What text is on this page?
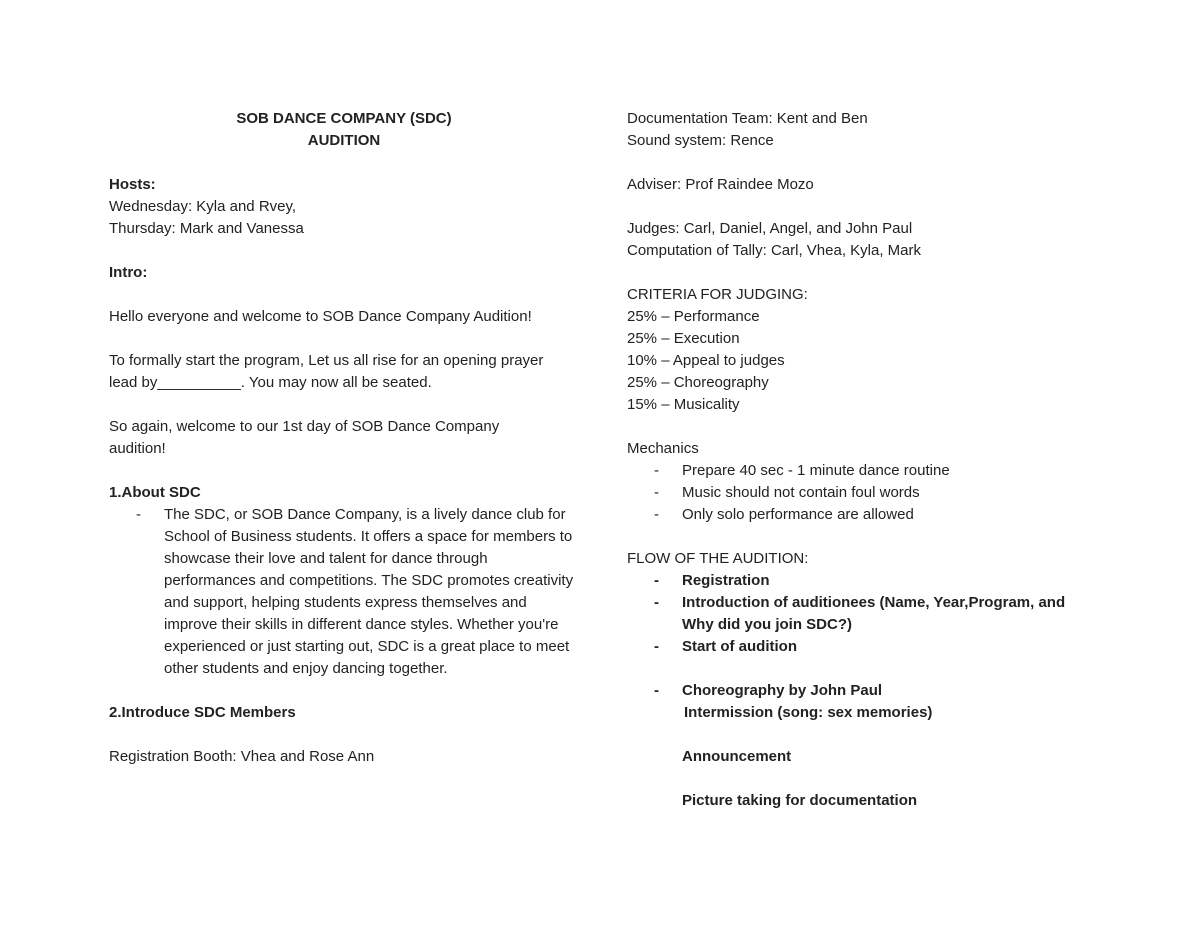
SOB DANCE COMPANY (SDC)
AUDITION
Hosts:
Wednesday: Kyla and Rvey,
Thursday: Mark and Vanessa
Intro:
Hello everyone and welcome to SOB Dance Company Audition!
To formally start the program, Let us all rise for an opening prayer lead by__________. You may now all be seated.
So again, welcome to our 1st day of SOB Dance Company audition!
1.About SDC
- The SDC, or SOB Dance Company, is a lively dance club for School of Business students. It offers a space for members to showcase their love and talent for dance through performances and competitions. The SDC promotes creativity and support, helping students express themselves and improve their skills in different dance styles. Whether you're experienced or just starting out, SDC is a great place to meet other students and enjoy dancing together.
2.Introduce SDC Members
Registration Booth: Vhea and Rose Ann
Documentation Team: Kent and Ben
Sound system: Rence
Adviser: Prof Raindee Mozo
Judges: Carl, Daniel, Angel, and John Paul
Computation of Tally: Carl, Vhea, Kyla, Mark
CRITERIA FOR JUDGING:
25% – Performance
25% – Execution
10% – Appeal to judges
25% – Choreography
15% – Musicality
Mechanics
- Prepare 40 sec - 1 minute dance routine
- Music should not contain foul words
- Only solo performance are allowed
FLOW OF THE AUDITION:
- Registration
- Introduction of auditionees (Name, Year,Program, and Why did you join SDC?)
- Start of audition
- Choreography by John Paul
Intermission (song: sex memories)
Announcement
Picture taking for documentation
